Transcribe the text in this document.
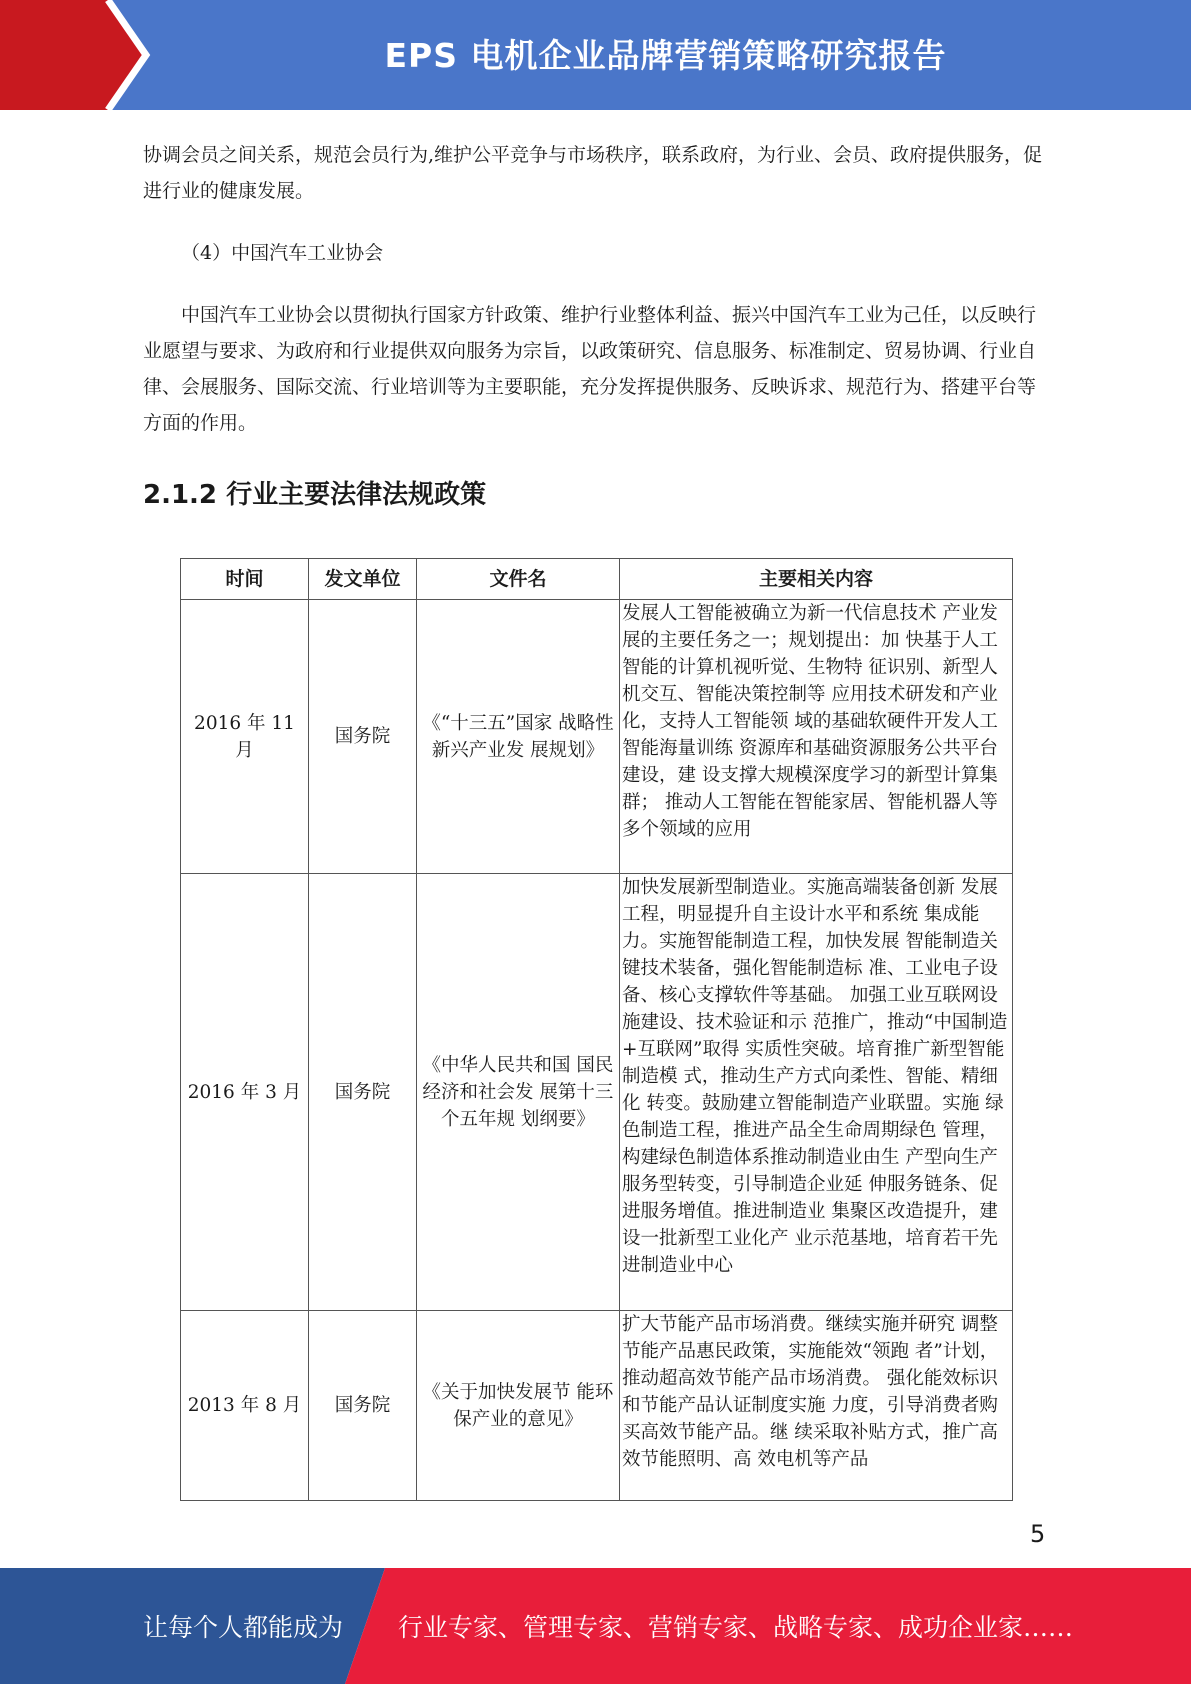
EPS 电机企业品牌营销策略研究报告

协调会员之间关系，规范会员行为,维护公平竞争与市场秩序，联系政府，为行业、会员、政府提供服务，促进行业的健康发展。

（4）中国汽车工业协会

中国汽车工业协会以贯彻执行国家方针政策、维护行业整体利益、振兴中国汽车工业为己任，以反映行业愿望与要求、为政府和行业提供双向服务为宗旨，以政策研究、信息服务、标准制定、贸易协调、行业自律、会展服务、国际交流、行业培训等为主要职能，充分发挥提供服务、反映诉求、规范行为、搭建平台等方面的作用。

2.1.2 行业主要法律法规政策
时间	发文单位	文件名	主要相关内容
2016 年 11 月	国务院	《“十三五”国家 战略性新兴产业发 展规划》	发展人工智能被确立为新一代信息技术 产业发展的主要任务之一；规划提出：加 快基于人工智能的计算机视听觉、生物特 征识别、新型人机交互、智能决策控制等 应用技术研发和产业化，支持人工智能领 域的基础软硬件开发人工智能海量训练 资源库和基础资源服务公共平台建设，建 设支撑大规模深度学习的新型计算集群； 推动人工智能在智能家居、智能机器人等 多个领域的应用
2016 年 3 月	国务院	《中华人民共和国 国民经济和社会发 展第十三个五年规 划纲要》	加快发展新型制造业。实施高端装备创新 发展工程，明显提升自主设计水平和系统 集成能力。实施智能制造工程，加快发展 智能制造关键技术装备，强化智能制造标 准、工业电子设备、核心支撑软件等基础。 加强工业互联网设施建设、技术验证和示 范推广，推动“中国制造+互联网”取得 实质性突破。培育推广新型智能制造模 式，推动生产方式向柔性、智能、精细化 转变。鼓励建立智能制造产业联盟。实施 绿色制造工程，推进产品全生命周期绿色 管理，构建绿色制造体系推动制造业由生 产型向生产服务型转变，引导制造企业延 伸服务链条、促进服务增值。推进制造业 集聚区改造提升，建设一批新型工业化产 业示范基地，培育若干先进制造业中心
2013 年 8 月	国务院	《关于加快发展节 能环保产业的意见》	扩大节能产品市场消费。继续实施并研究 调整节能产品惠民政策，实施能效“领跑 者”计划，推动超高效节能产品市场消费。 强化能效标识和节能产品认证制度实施 力度，引导消费者购买高效节能产品。继 续采取补贴方式，推广高效节能照明、高 效电机等产品
5
让每个人都能成为 行业专家、管理专家、营销专家、战略专家、成功企业家……
